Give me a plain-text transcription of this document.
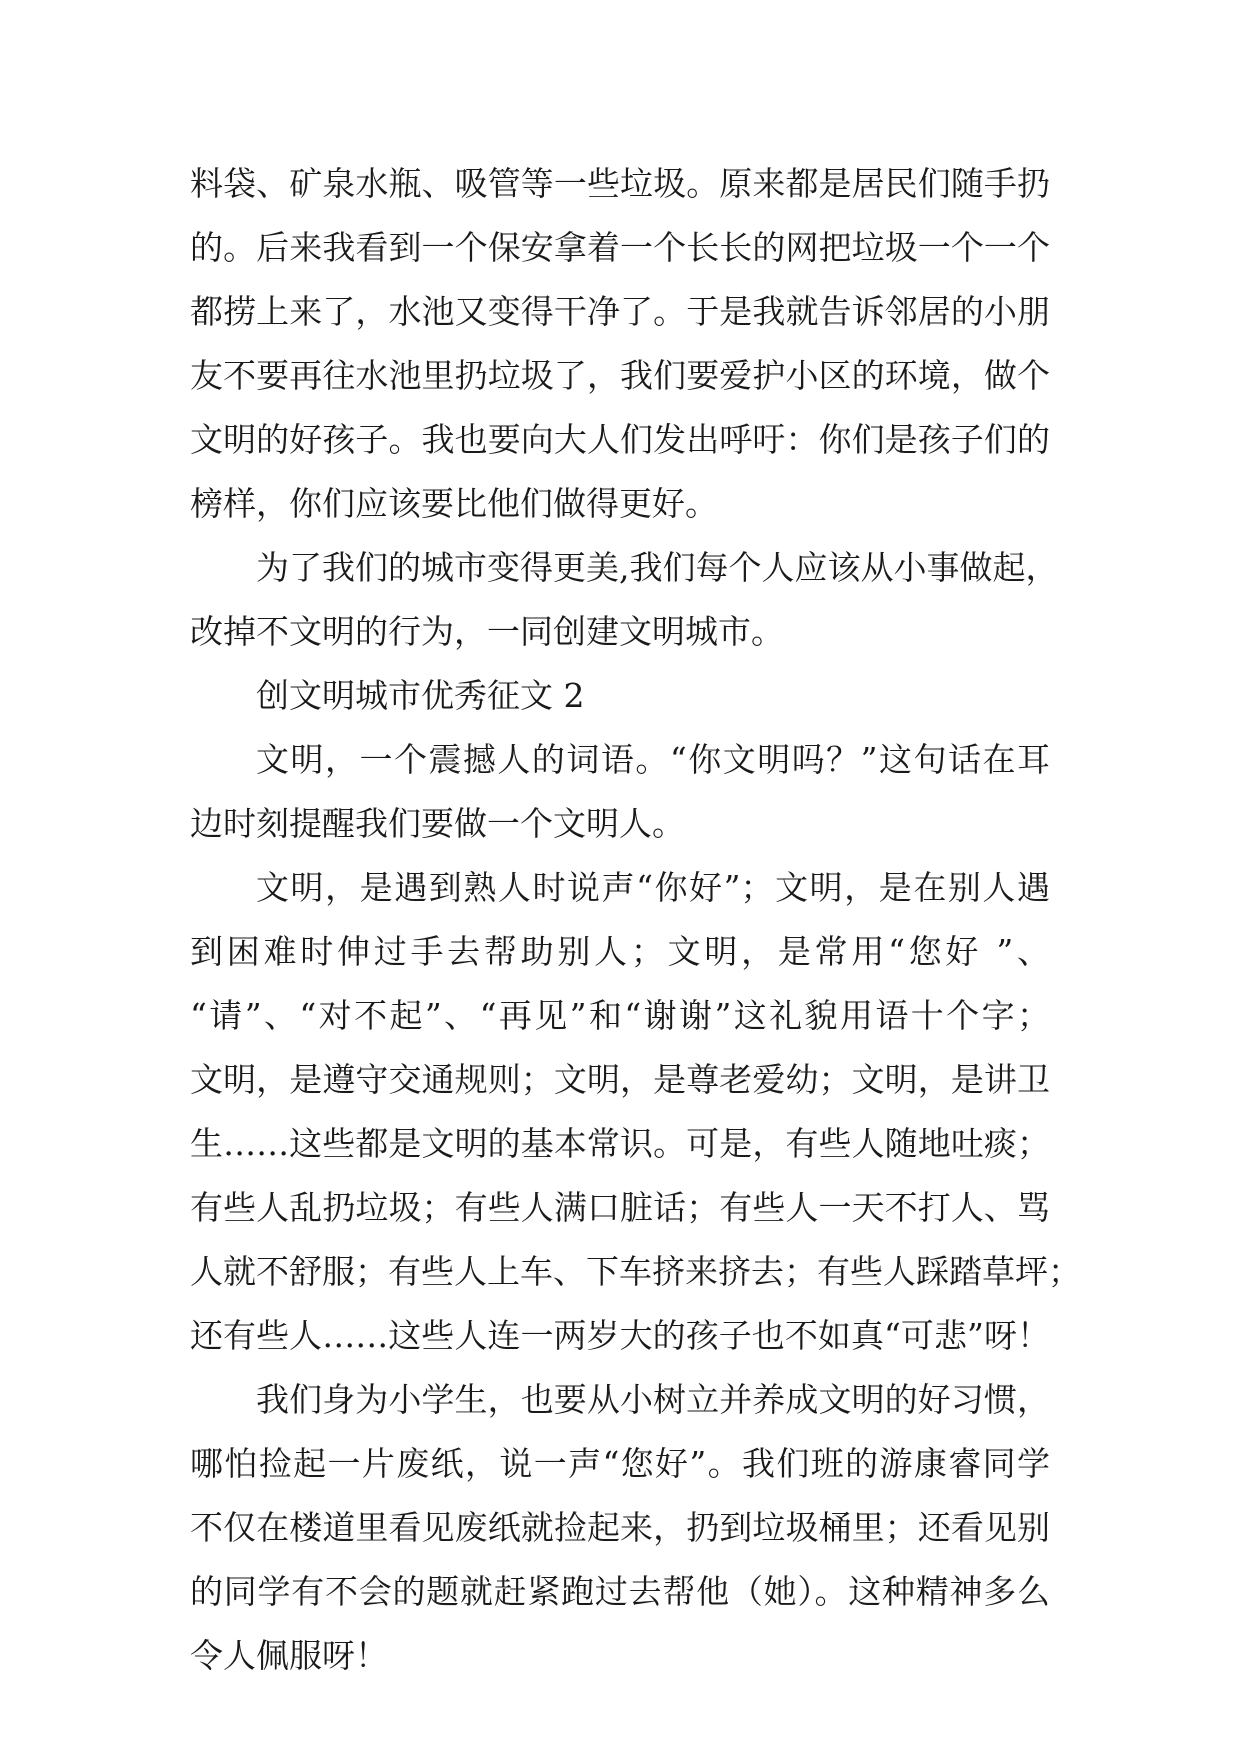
料袋、矿泉水瓶、吸管等一些垃圾。原来都是居民们随手扔
的。后来我看到一个保安拿着一个长长的网把垃圾一个一个
都捞上来了，水池又变得干净了。于是我就告诉邻居的小朋
友不要再往水池里扔垃圾了，我们要爱护小区的环境，做个
文明的好孩子。我也要向大人们发出呼吁：你们是孩子们的
榜样，你们应该要比他们做得更好。
为了我们的城市变得更美,我们每个人应该从小事做起，
改掉不文明的行为，一同创建文明城市。
创文明城市优秀征文 2
文明，一个震撼人的词语。“你文明吗？”这句话在耳
边时刻提醒我们要做一个文明人。
文明，是遇到熟人时说声“你好”；文明，是在别人遇
到困难时伸过手去帮助别人；文明，是常用“您好 ”、
“请”、“对不起”、“再见”和“谢谢”这礼貌用语十个字；
文明，是遵守交通规则；文明，是尊老爱幼；文明，是讲卫
生……这些都是文明的基本常识。可是，有些人随地吐痰；
有些人乱扔垃圾；有些人满口脏话；有些人一天不打人、骂
人就不舒服；有些人上车、下车挤来挤去；有些人踩踏草坪；
还有些人……这些人连一两岁大的孩子也不如真“可悲”呀！
我们身为小学生，也要从小树立并养成文明的好习惯，
哪怕捡起一片废纸，说一声“您好”。我们班的游康睿同学
不仅在楼道里看见废纸就捡起来，扔到垃圾桶里；还看见别
的同学有不会的题就赶紧跑过去帮他（她）。这种精神多么
令人佩服呀！
